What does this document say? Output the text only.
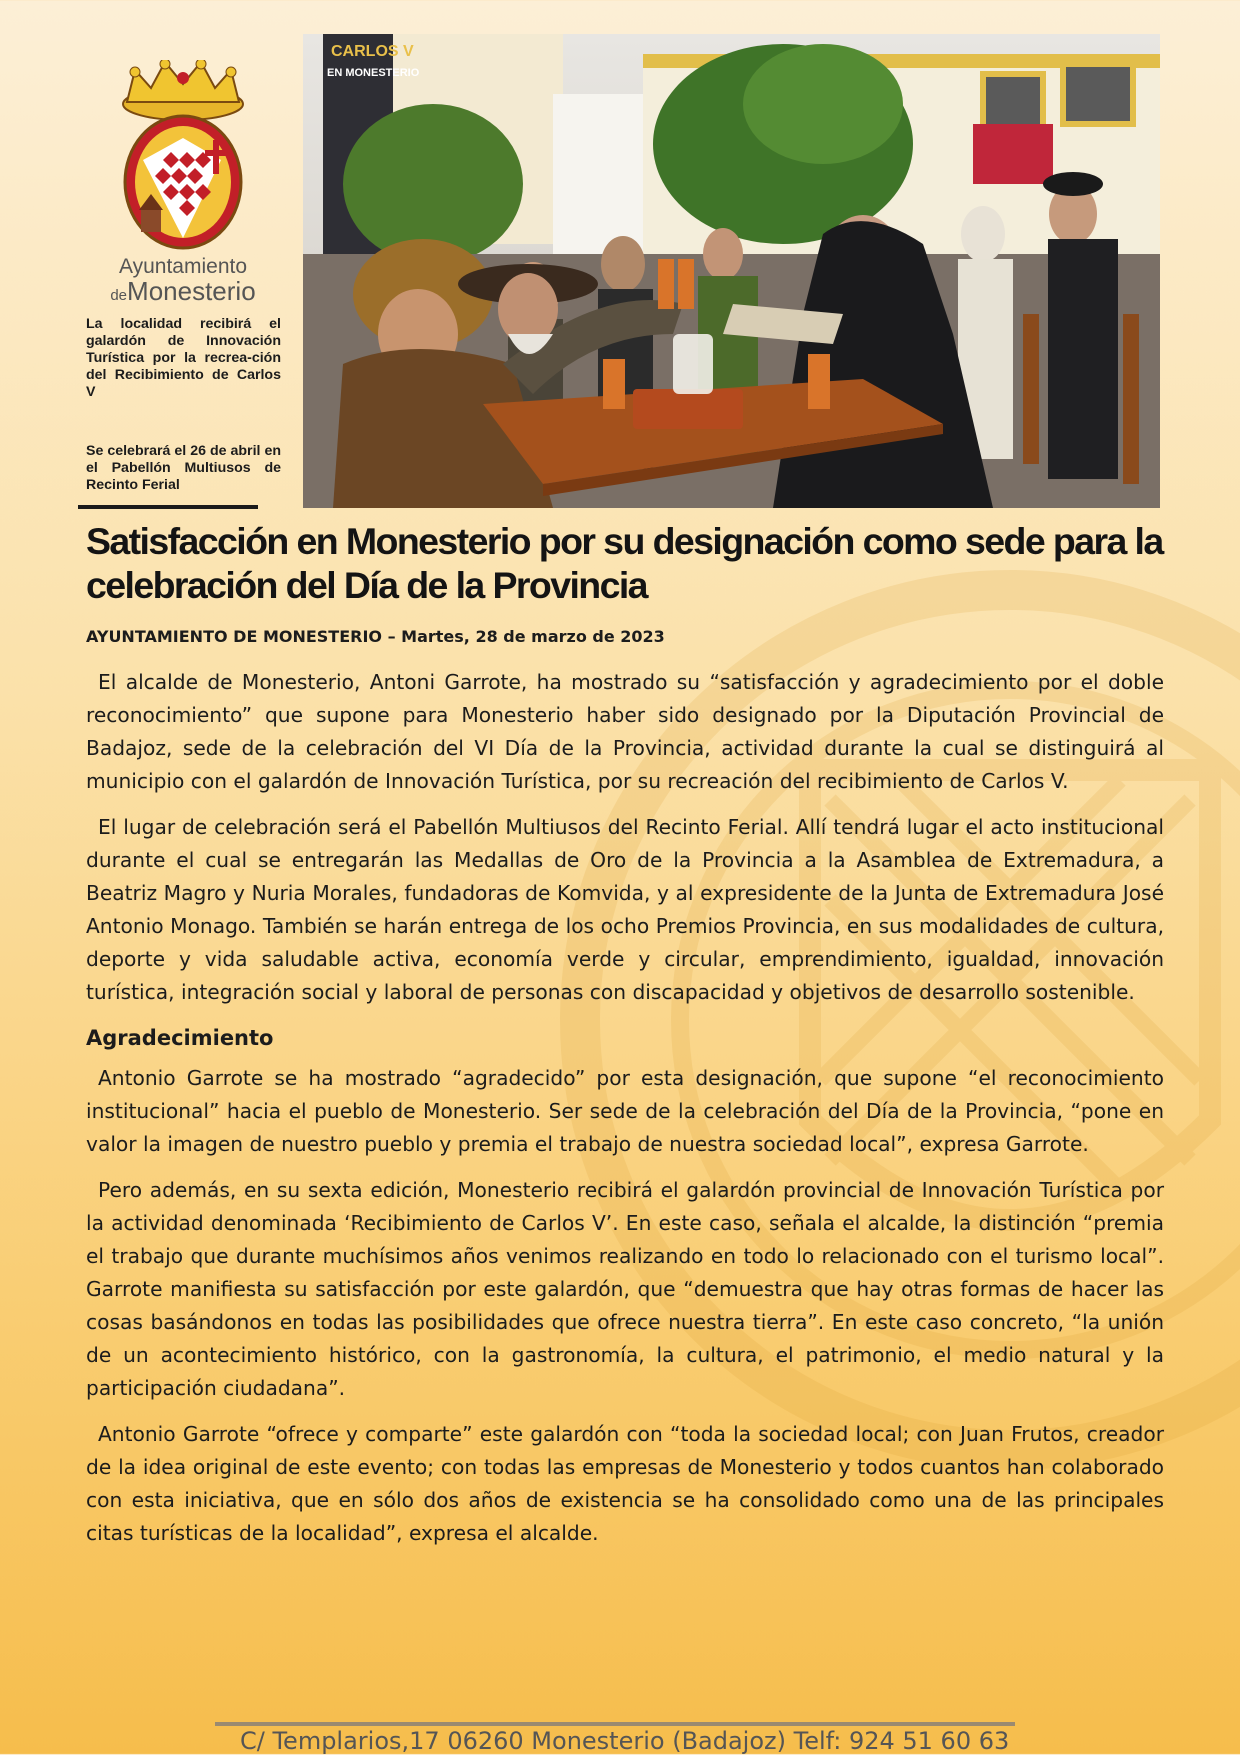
Ayuntamiento
deMonesterio
La localidad recibirá el galardón de Innovación Turística por la recrea-ción del Recibimiento de Carlos V
Se celebrará el 26 de abril en el Pabellón Multiusos de Recinto Ferial
CARLOS V
EN MONESTERIO
Satisfacción en Monesterio por su designación como sede para la celebración del Día de la Provincia
AYUNTAMIENTO DE MONESTERIO – Martes, 28 de marzo de 2023

El alcalde de Monesterio, Antoni Garrote, ha mostrado su “satisfacción y agradecimiento por el doble reconocimiento” que supone para Monesterio haber sido designado por la Diputación Provincial de Badajoz, sede de la celebración del VI Día de la Provincia, actividad durante la cual se distinguirá al municipio con el galardón de Innovación Turística, por su recreación del recibimiento de Carlos V.

El lugar de celebración será el Pabellón Multiusos del Recinto Ferial. Allí tendrá lugar el acto institucional durante el cual se entregarán las Medallas de Oro de la Provincia a la Asamblea de Extremadura, a Beatriz Magro y Nuria Morales, fundadoras de Komvida, y al expresidente de la Junta de Extremadura José Antonio Monago. También se harán entrega de los ocho Premios Provincia, en sus modalidades de cultura, deporte y vida saludable activa, economía verde y circular, emprendimiento, igualdad, innovación turística, integración social y laboral de personas con discapacidad y objetivos de desarrollo sostenible.

Agradecimiento

Antonio Garrote se ha mostrado “agradecido” por esta designación, que supone “el reconocimiento institucional” hacia el pueblo de Monesterio. Ser sede de la celebración del Día de la Provincia, “pone en valor la imagen de nuestro pueblo y premia el trabajo de nuestra sociedad local”, expresa Garrote.

Pero además, en su sexta edición, Monesterio recibirá el galardón provincial de Innovación Turística por la actividad denominada ‘Recibimiento de Carlos V’. En este caso, señala el alcalde, la distinción “premia el trabajo que durante muchísimos años venimos realizando en todo lo relacionado con el turismo local”. Garrote manifiesta su satisfacción por este galardón, que “demuestra que hay otras formas de hacer las cosas basándonos en todas las posibilidades que ofrece nuestra tierra”. En este caso concreto, “la unión de un acontecimiento histórico, con la gastronomía, la cultura, el patrimonio, el medio natural y la participación ciudadana”.

Antonio Garrote “ofrece y comparte” este galardón con “toda la sociedad local; con Juan Frutos, creador de la idea original de este evento; con todas las empresas de Monesterio y todos cuantos han colaborado con esta iniciativa, que en sólo dos años de existencia se ha consolidado como una de las principales citas turísticas de la localidad”, expresa el alcalde.

C/ Templarios,17 06260 Monesterio (Badajoz) Telf: 924 51 60 63
